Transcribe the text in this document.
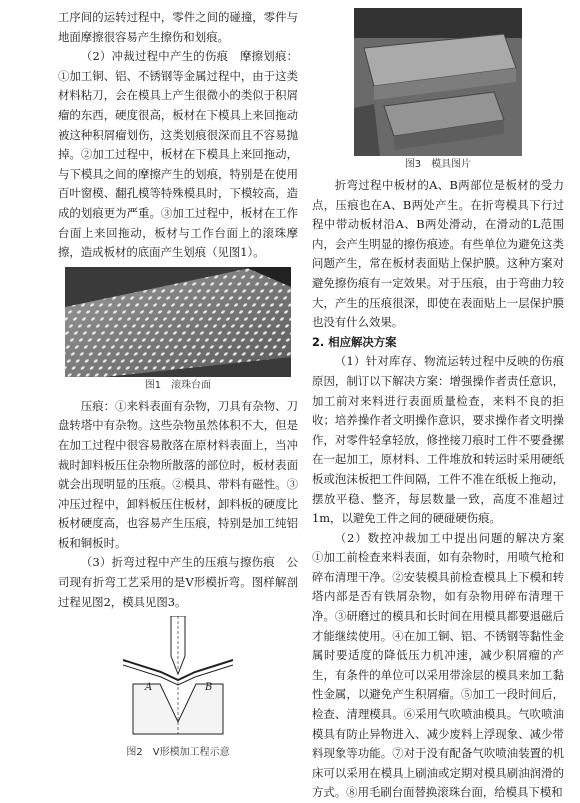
工序间的运转过程中，零件之间的碰撞，零件与地面摩擦很容易产生擦伤和划痕。

（2）冲裁过程中产生的伤痕　摩擦划痕：①加工铜、铝、不锈钢等金属过程中，由于这类材料粘刀，会在模具上产生很微小的类似于积屑瘤的东西，硬度很高，板材在下模具上来回拖动被这种积屑瘤划伤，这类划痕很深而且不容易抛掉。②加工过程中，板材在下模具上来回拖动，与下模具之间的摩擦产生的划痕，特别是在使用百叶窗模、翻孔模等特殊模具时，下模较高，造成的划痕更为严重。③加工过程中，板材在工作台面上来回拖动，板材与工作台面上的滚珠摩擦，造成板材的底面产生划痕（见图1）。

图1　滚珠台面

压痕：①来料表面有杂物，刀具有杂物、刀盘转塔中有杂物。这些杂物虽然体积不大，但是在加工过程中很容易散落在原材料表面上，当冲裁时卸料板压住杂物所散落的部位时，板材表面就会出现明显的压痕。②模具、带料有磁性。③冲压过程中，卸料板压住板材，卸料板的硬度比板材硬度高，也容易产生压痕，特别是加工纯铝板和铜板时。

（3）折弯过程中产生的压痕与擦伤痕　公司现有折弯工艺采用的是V形模折弯。图样解剖过程见图2，模具见图3。

A	B
图2　V形模加工程示意
图3　模具图片

折弯过程中板材的A、B两部位是板材的受力点，压痕也在A、B两处产生。在折弯模具下行过程中带动板材沿A、B两处滑动，在滑动的L范围内，会产生明显的擦伤痕迹。有些单位为避免这类问题产生，常在板材表面贴上保护膜。这种方案对避免擦伤痕有一定效果。对于压痕，由于弯曲力较大，产生的压痕很深，即使在表面贴上一层保护膜也没有什么效果。

2. 相应解决方案

（1）针对库存、物流运转过程中反映的伤痕原因，制订以下解决方案：增强操作者责任意识，加工前对来料进行表面质量检查，来料不良的拒收；培养操作者文明操作意识，要求操作者文明操作，对零件轻拿轻放，修挫接刀痕时工件不要叠摞在一起加工，原材料、工件堆放和转运时采用硬纸板或泡沫板把工件间隔，工件不准在纸板上拖动，摆放平稳、整齐，每层数量一致，高度不准超过1m，以避免工件之间的硬碰硬伤痕。

（2）数控冲裁加工中提出问题的解决方案　①加工前检查来料表面，如有杂物时，用喷气枪和碎布清理干净。②安装模具前检查模具上下模和转塔内部是否有铁屑杂物，如有杂物用碎布清理干净。③研磨过的模具和长时间在用模具都要退磁后才能继续使用。④在加工铜、铝、不锈钢等黏性金属时要适度的降低压力机冲速，减少积屑瘤的产生，有条件的单位可以采用带涂层的模具来加工黏性金属，以避免产生积屑瘤。⑤加工一段时间后，检查、清理模具。⑥采用气吹喷油模具。气吹喷油模具有防止异物进入、减少废料上浮现象、减少带料现象等功能。⑦对于没有配备气吹喷油装置的机床可以采用在模具上刷油或定期对模具刷油润滑的方式。⑧用毛刷台面替换滚珠台面，给模具下模和
